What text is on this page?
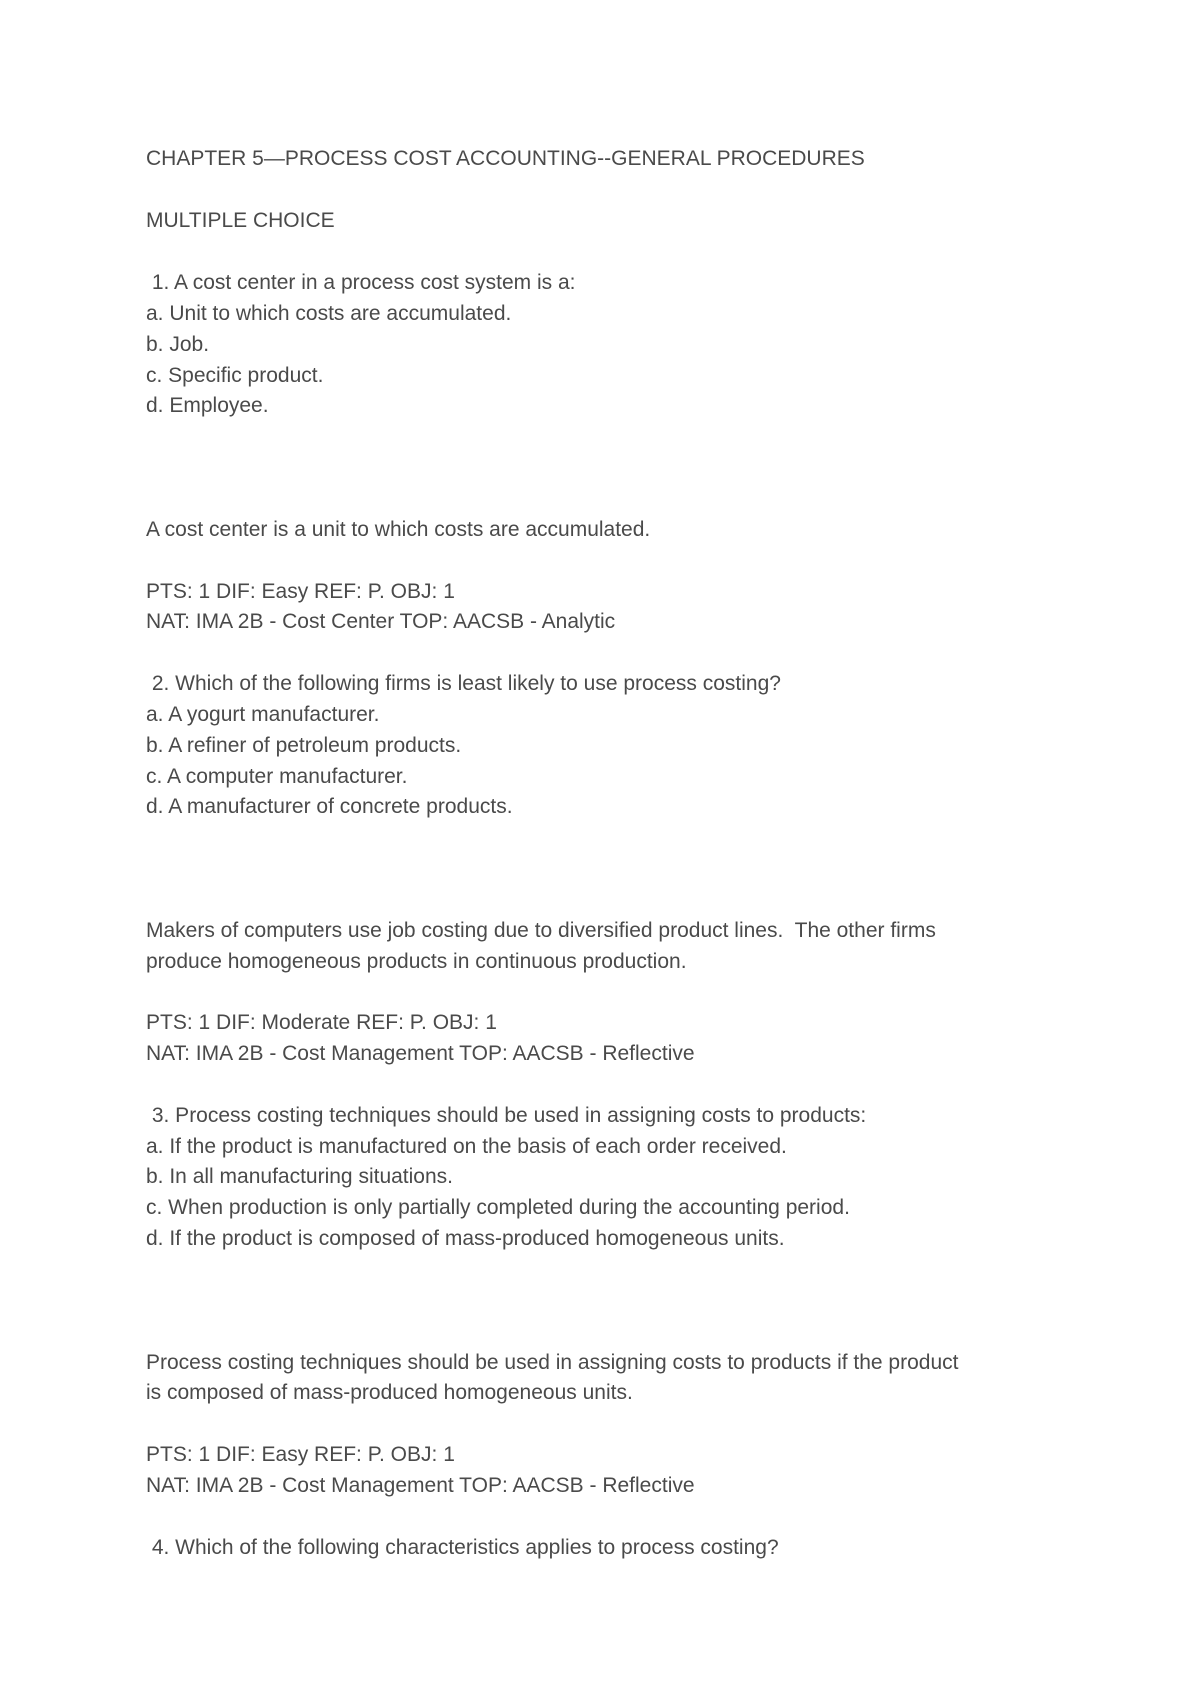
CHAPTER 5—PROCESS COST ACCOUNTING--GENERAL PROCEDURES

MULTIPLE CHOICE

1. A cost center in a process cost system is a:

a. Unit to which costs are accumulated.

b. Job.

c. Specific product.

d. Employee.

A cost center is a unit to which costs are accumulated.

PTS: 1 DIF: Easy REF: P. OBJ: 1

NAT: IMA 2B - Cost Center TOP: AACSB - Analytic

2. Which of the following firms is least likely to use process costing?

a. A yogurt manufacturer.

b. A refiner of petroleum products.

c. A computer manufacturer.

d. A manufacturer of concrete products.

Makers of computers use job costing due to diversified product lines.  The other firms

produce homogeneous products in continuous production.

PTS: 1 DIF: Moderate REF: P. OBJ: 1

NAT: IMA 2B - Cost Management TOP: AACSB - Reflective

3. Process costing techniques should be used in assigning costs to products:

a. If the product is manufactured on the basis of each order received.

b. In all manufacturing situations.

c. When production is only partially completed during the accounting period.

d. If the product is composed of mass-produced homogeneous units.

Process costing techniques should be used in assigning costs to products if the product

is composed of mass-produced homogeneous units.

PTS: 1 DIF: Easy REF: P. OBJ: 1

NAT: IMA 2B - Cost Management TOP: AACSB - Reflective

4. Which of the following characteristics applies to process costing?
